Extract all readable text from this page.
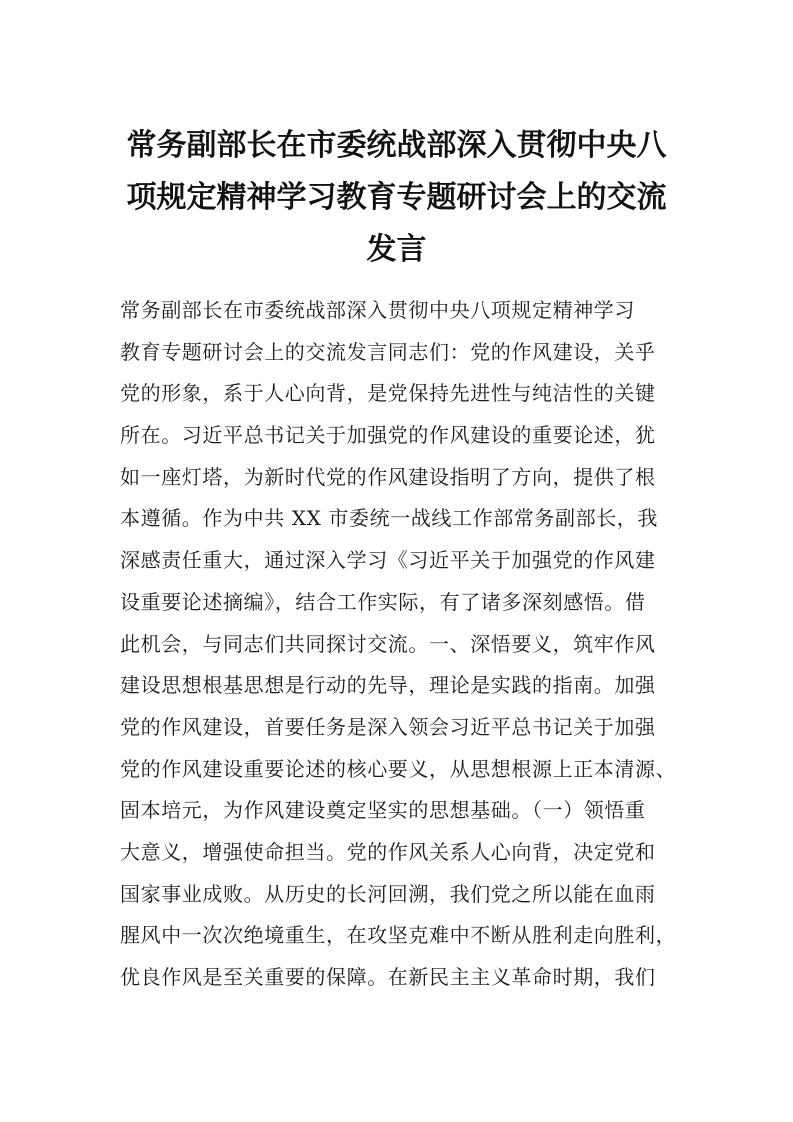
常务副部长在市委统战部深入贯彻中央八
项规定精神学习教育专题研讨会上的交流
发言
常务副部长在市委统战部深入贯彻中央八项规定精神学习
教育专题研讨会上的交流发言同志们：党的作风建设，关乎
党的形象，系于人心向背，是党保持先进性与纯洁性的关键
所在。习近平总书记关于加强党的作风建设的重要论述，犹
如一座灯塔，为新时代党的作风建设指明了方向，提供了根
本遵循。作为中共 XX 市委统一战线工作部常务副部长，我
深感责任重大，通过深入学习《习近平关于加强党的作风建
设重要论述摘编》，结合工作实际，有了诸多深刻感悟。借
此机会，与同志们共同探讨交流。一、深悟要义，筑牢作风
建设思想根基思想是行动的先导，理论是实践的指南。加强
党的作风建设，首要任务是深入领会习近平总书记关于加强
党的作风建设重要论述的核心要义，从思想根源上正本清源、
固本培元，为作风建设奠定坚实的思想基础。（一）领悟重
大意义，增强使命担当。党的作风关系人心向背，决定党和
国家事业成败。从历史的长河回溯，我们党之所以能在血雨
腥风中一次次绝境重生，在攻坚克难中不断从胜利走向胜利，
优良作风是至关重要的保障。在新民主主义革命时期，我们
